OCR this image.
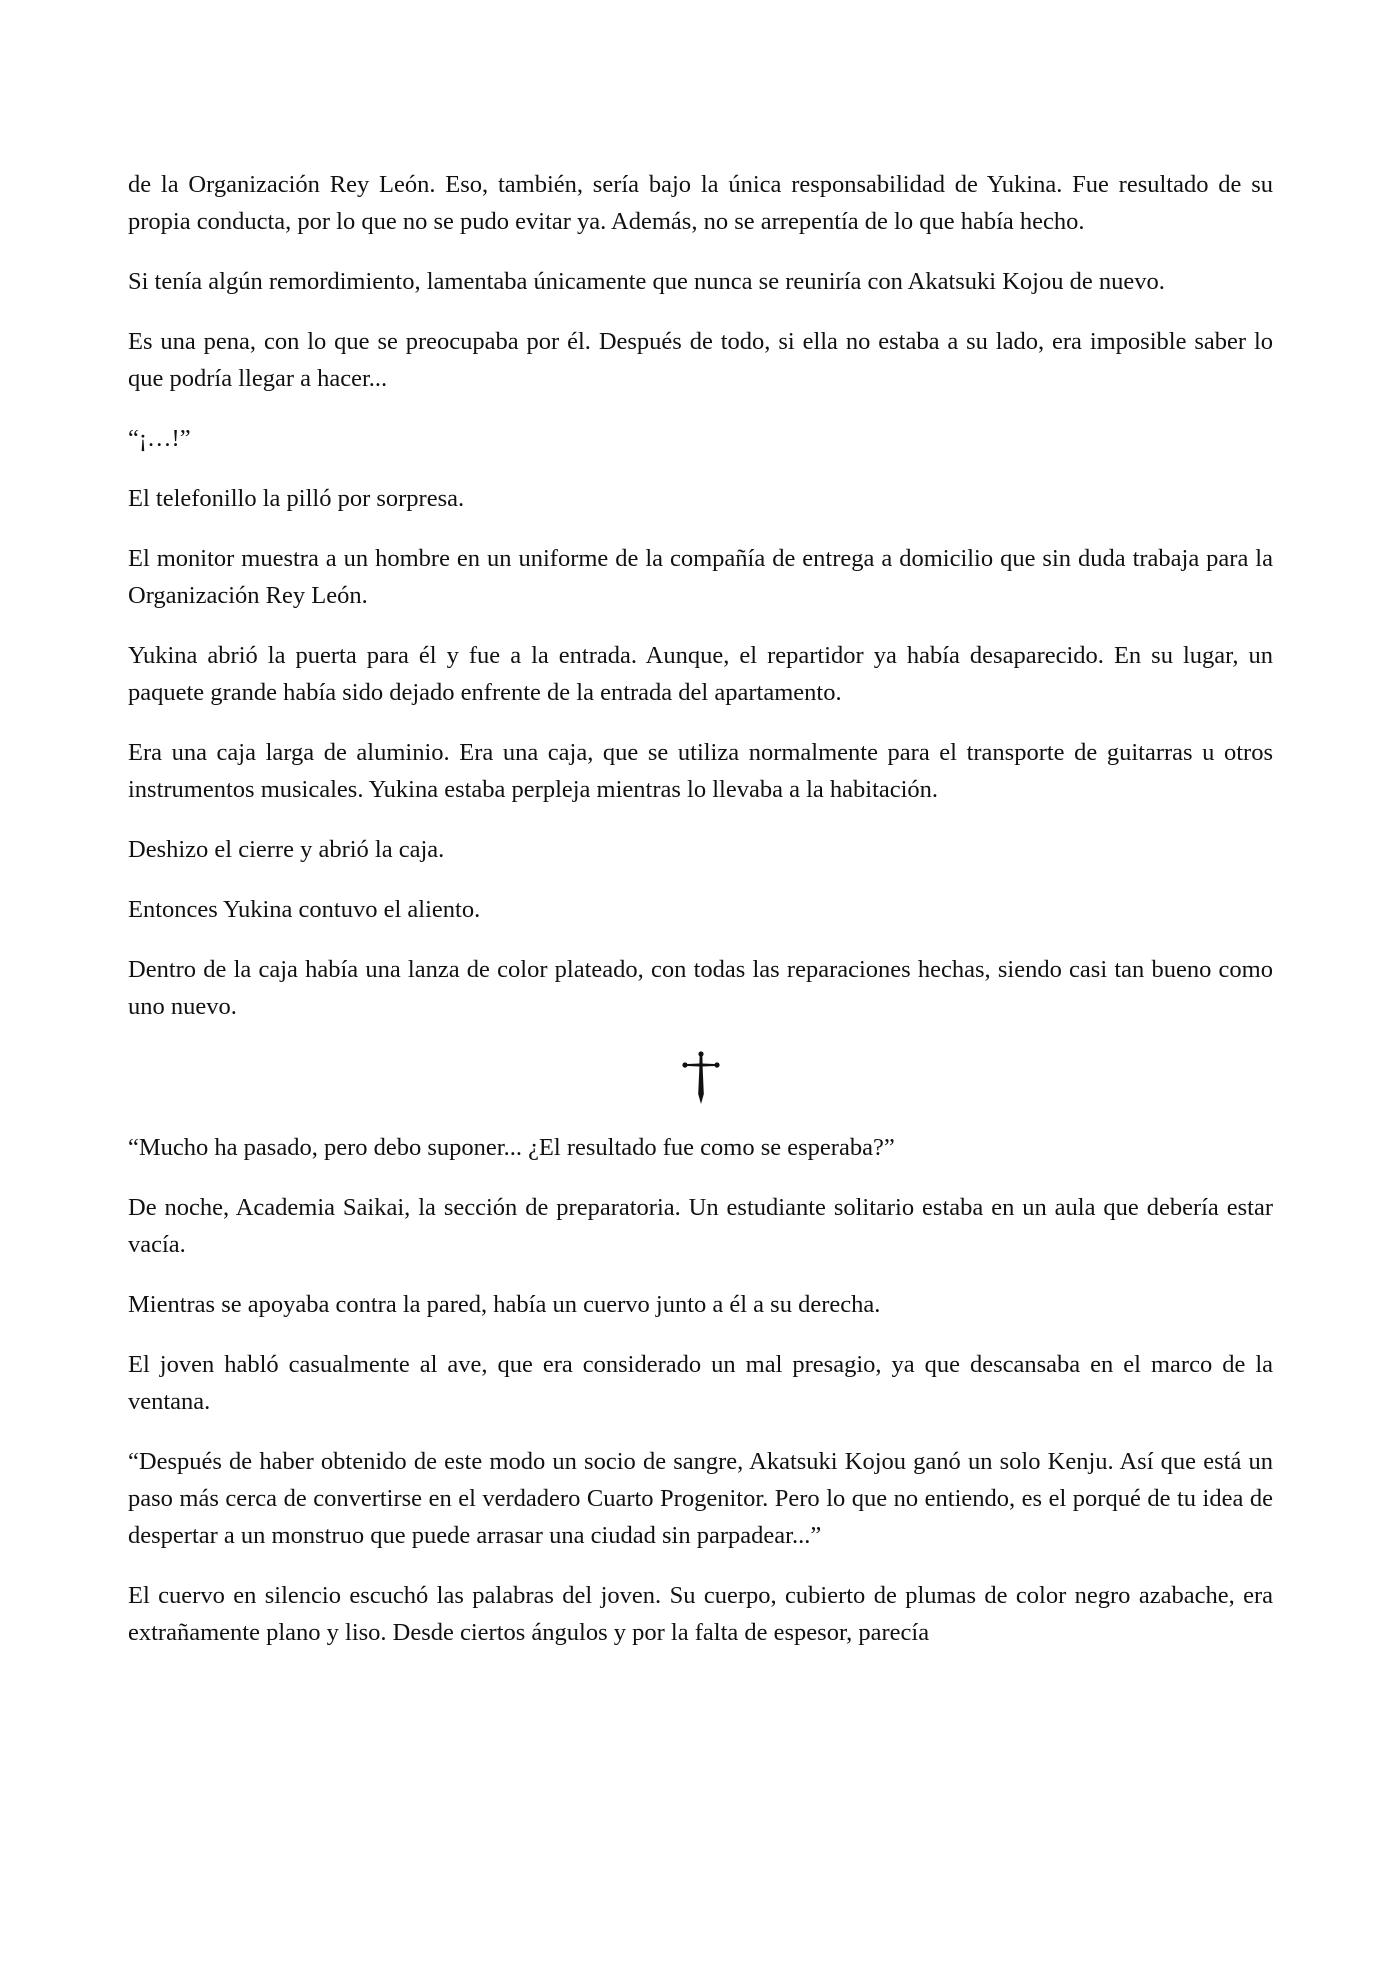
de la Organización Rey León. Eso, también, sería bajo la única responsabilidad de Yukina. Fue resultado de su propia conducta, por lo que no se pudo evitar ya. Además, no se arrepentía de lo que había hecho.

Si tenía algún remordimiento, lamentaba únicamente que nunca se reuniría con Akatsuki Kojou de nuevo.

Es una pena, con lo que se preocupaba por él. Después de todo, si ella no estaba a su lado, era imposible saber lo que podría llegar a hacer...

“¡…!”

El telefonillo la pilló por sorpresa.

El monitor muestra a un hombre en un uniforme de la compañía de entrega a domicilio que sin duda trabaja para la Organización Rey León.

Yukina abrió la puerta para él y fue a la entrada. Aunque, el repartidor ya había desaparecido. En su lugar, un paquete grande había sido dejado enfrente de la entrada del apartamento.

Era una caja larga de aluminio. Era una caja, que se utiliza normalmente para el transporte de guitarras u otros instrumentos musicales. Yukina estaba perpleja mientras lo llevaba a la habitación.

Deshizo el cierre y abrió la caja.

Entonces Yukina contuvo el aliento.

Dentro de la caja había una lanza de color plateado, con todas las reparaciones hechas, siendo casi tan bueno como uno nuevo.

“Mucho ha pasado, pero debo suponer... ¿El resultado fue como se esperaba?”

De noche, Academia Saikai, la sección de preparatoria. Un estudiante solitario estaba en un aula que debería estar vacía.

Mientras se apoyaba contra la pared, había un cuervo junto a él a su derecha.

El joven habló casualmente al ave, que era considerado un mal presagio, ya que descansaba en el marco de la ventana.

“Después de haber obtenido de este modo un socio de sangre, Akatsuki Kojou ganó un solo Kenju. Así que está un paso más cerca de convertirse en el verdadero Cuarto Progenitor. Pero lo que no entiendo, es el porqué de tu idea de despertar a un monstruo que puede arrasar una ciudad sin parpadear...”

El cuervo en silencio escuchó las palabras del joven. Su cuerpo, cubierto de plumas de color negro azabache, era extrañamente plano y liso. Desde ciertos ángulos y por la falta de espesor, parecía
